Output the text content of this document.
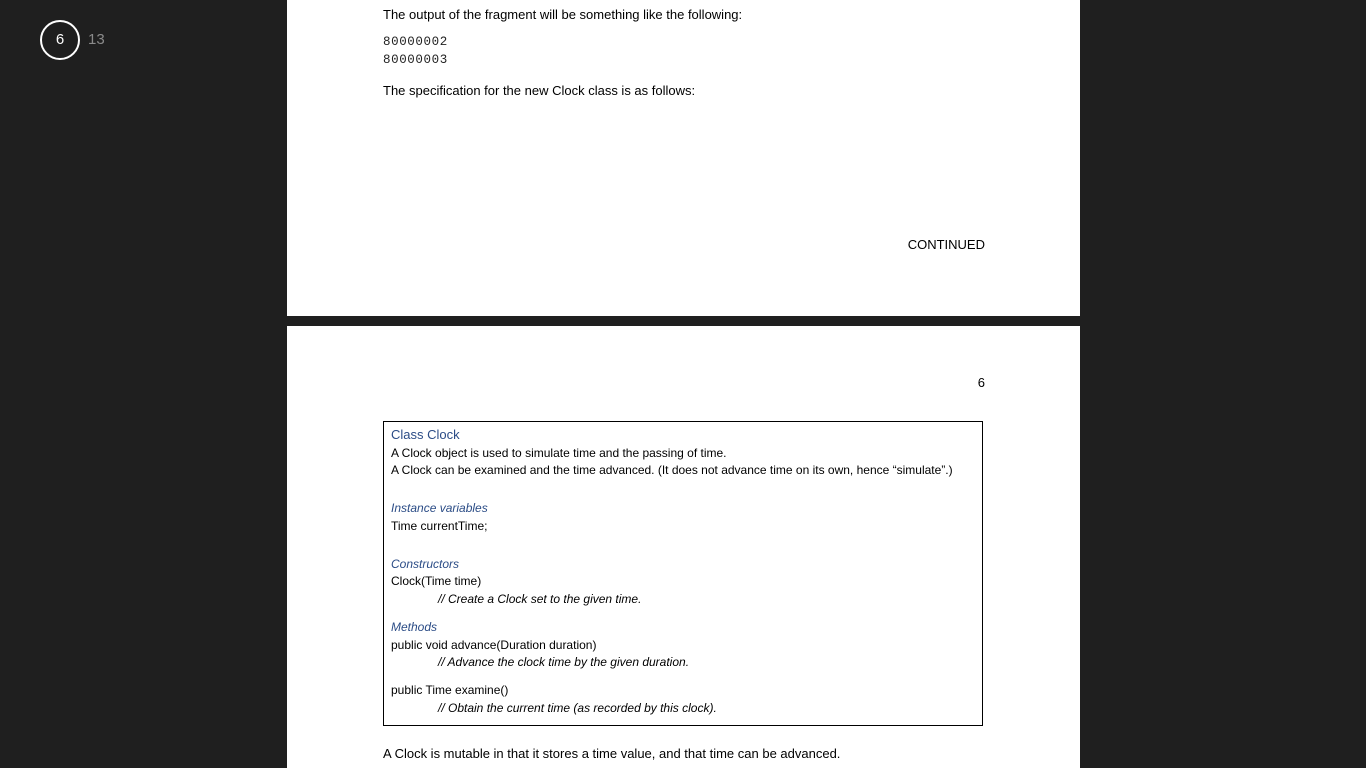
6	13
The output of the fragment will be something like the following:
80000002
80000003
The specification for the new Clock class is as follows:
CONTINUED
6
Class Clock
A Clock object is used to simulate time and the passing of time.
A Clock can be examined and the time advanced. (It does not advance time on its own, hence “simulate”.)
Instance variables
Time currentTime;
Constructors
Clock(Time time)
// Create a Clock set to the given time.
Methods
public void advance(Duration duration)
// Advance the clock time by the given duration.
public Time examine()
// Obtain the current time (as recorded by this clock).
A Clock is mutable in that it stores a time value, and that time can be advanced.
